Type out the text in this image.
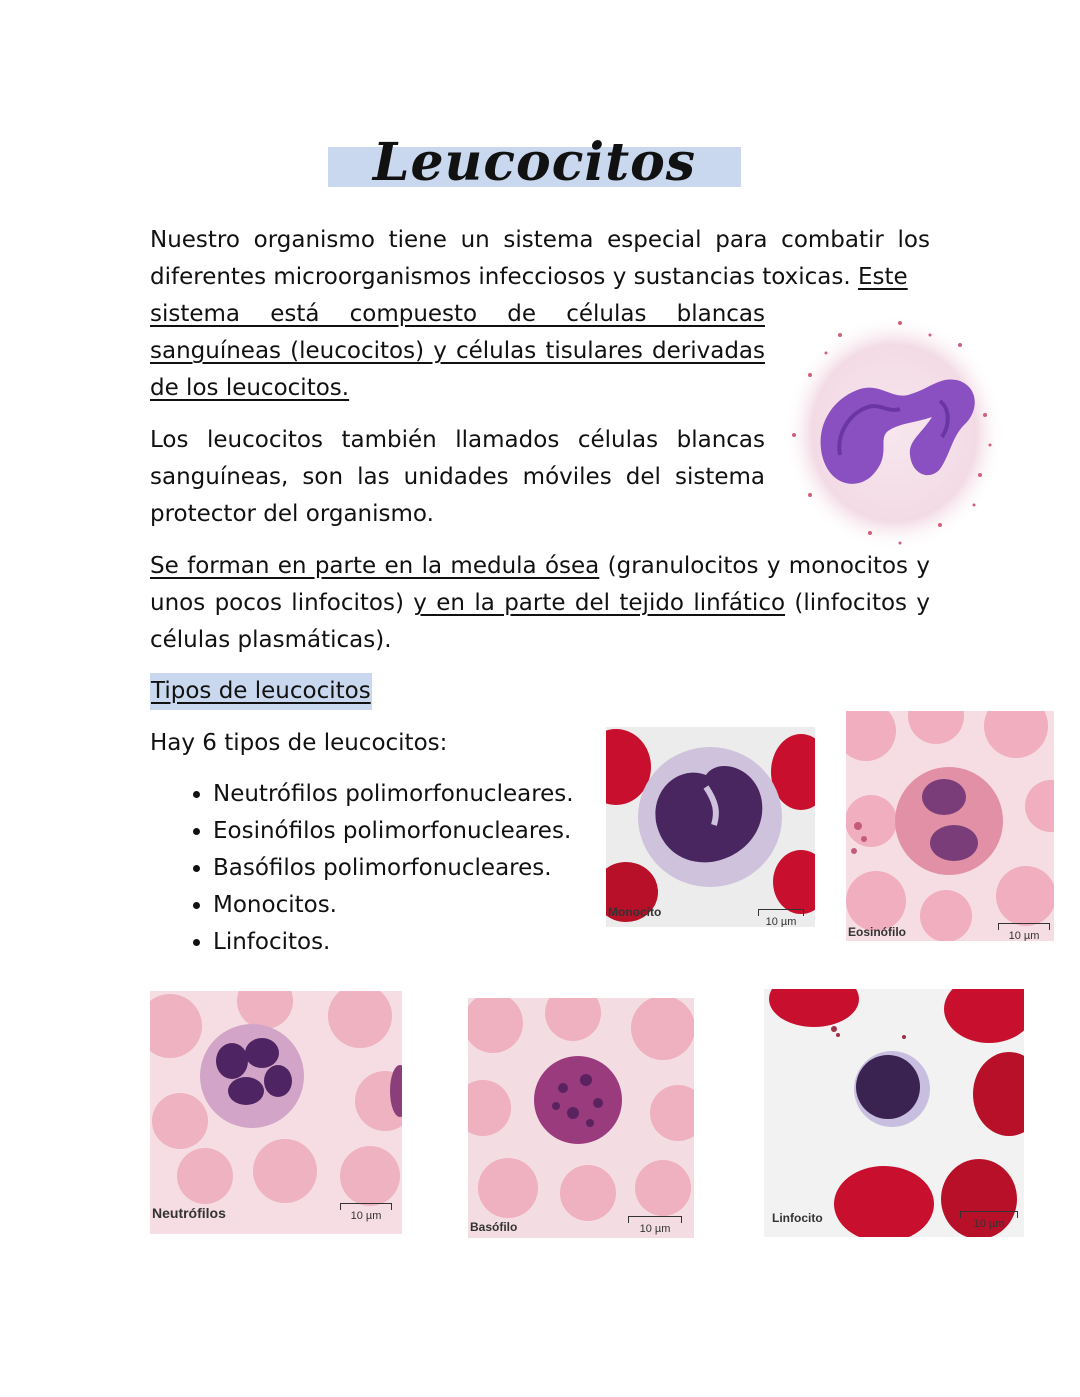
Leucocitos

Nuestro organismo tiene un sistema especial para combatir los diferentes microorganismos infecciosos y sustancias toxicas. Este

sistema está compuesto de células blancas sanguíneas (leucocitos) y células tisulares derivadas de los leucocitos.

Los leucocitos también llamados células blancas sanguíneas, son las unidades móviles del sistema protector del organismo.

Se forman en parte en la medula ósea (granulocitos y monocitos y unos pocos linfocitos) y en la parte del tejido linfático (linfocitos y células plasmáticas).

Tipos de leucocitos

Hay 6 tipos de leucocitos:

• Neutrófilos polimorfonucleares.
• Eosinófilos polimorfonucleares.
• Basófilos polimorfonucleares.
• Monocitos.
• Linfocitos.
Monocito
10 µm
Eosinófilo	10 µm
Neutrófilos	10 µm
Basófilo	10 µm
Linfocito	10 µm
